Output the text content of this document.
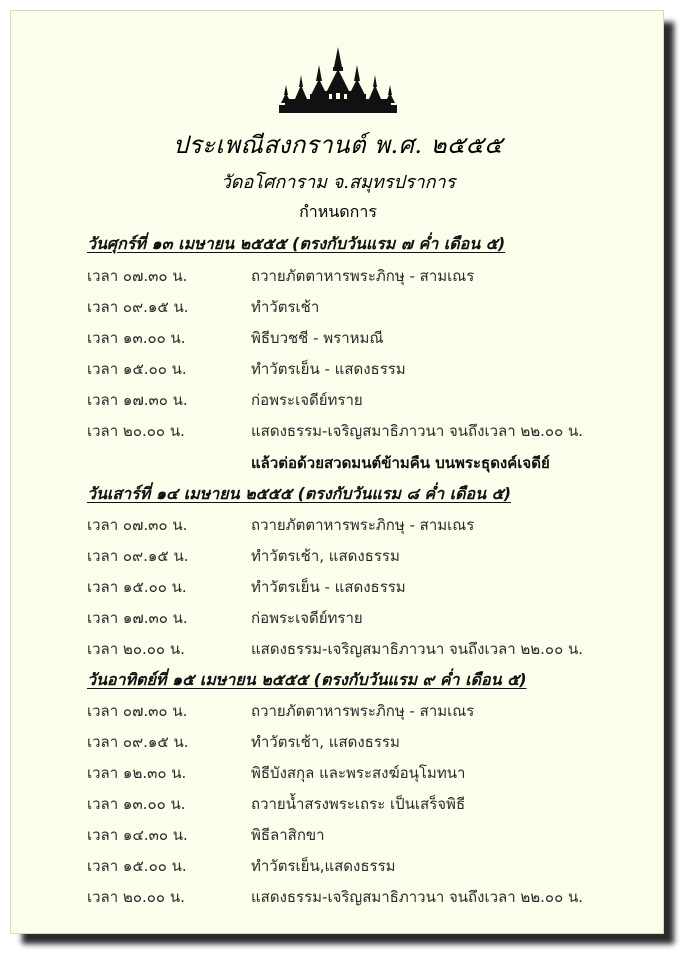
ประเพณีสงกรานต์ พ.ศ. ๒๕๕๕
วัดอโศการาม จ.สมุทรปราการ
กำหนดการ
วันศุกร์ที่ ๑๓ เมษายน ๒๕๕๕ (ตรงกับวันแรม ๗ ค่ำ เดือน ๕)
เวลา ๐๗.๓๐ น.	ถวายภัตตาหารพระภิกษุ - สามเณร
เวลา ๐๙.๑๕ น.	ทำวัตรเช้า
เวลา ๑๓.๐๐ น.	พิธีบวชชี - พราหมณี
เวลา ๑๕.๐๐ น.	ทำวัตรเย็น - แสดงธรรม
เวลา ๑๗.๓๐ น.	ก่อพระเจดีย์ทราย
เวลา ๒๐.๐๐ น.	แสดงธรรม-เจริญสมาธิภาวนา จนถึงเวลา ๒๒.๐๐ น.
แล้วต่อด้วยสวดมนต์ข้ามคืน บนพระธุดงค์เจดีย์
วันเสาร์ที่ ๑๔ เมษายน ๒๕๕๕ (ตรงกับวันแรม ๘ ค่ำ เดือน ๕)
เวลา ๐๗.๓๐ น.	ถวายภัตตาหารพระภิกษุ - สามเณร
เวลา ๐๙.๑๕ น.	ทำวัตรเช้า, แสดงธรรม
เวลา ๑๕.๐๐ น.	ทำวัตรเย็น - แสดงธรรม
เวลา ๑๗.๓๐ น.	ก่อพระเจดีย์ทราย
เวลา ๒๐.๐๐ น.	แสดงธรรม-เจริญสมาธิภาวนา จนถึงเวลา ๒๒.๐๐ น.
วันอาทิตย์ที่ ๑๕ เมษายน ๒๕๕๕ (ตรงกับวันแรม ๙ ค่ำ เดือน ๕)
เวลา ๐๗.๓๐ น.	ถวายภัตตาหารพระภิกษุ - สามเณร
เวลา ๐๙.๑๕ น.	ทำวัตรเช้า, แสดงธรรม
เวลา ๑๒.๓๐ น.	พิธีบังสกุล และพระสงฆ์อนุโมทนา
เวลา ๑๓.๐๐ น.	ถวายน้ำสรงพระเถระ เป็นเสร็จพิธี
เวลา ๑๔.๓๐ น.	พิธีลาสิกขา
เวลา ๑๕.๐๐ น.	ทำวัตรเย็น,แสดงธรรม
เวลา ๒๐.๐๐ น.	แสดงธรรม-เจริญสมาธิภาวนา จนถึงเวลา ๒๒.๐๐ น.
